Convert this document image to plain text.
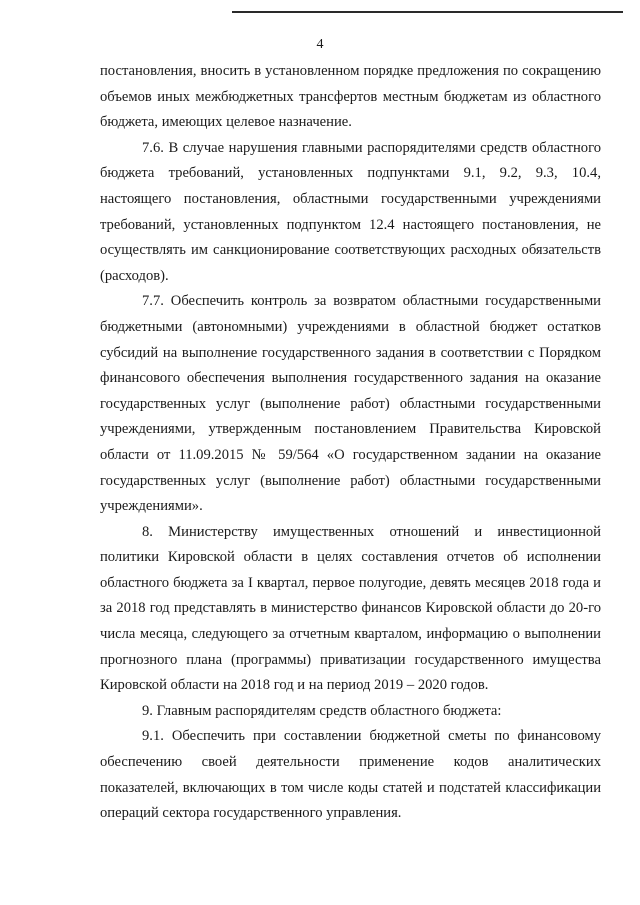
4

постановления, вносить в установленном порядке предложения по сокращению объемов иных межбюджетных трансфертов местным бюджетам из областного бюджета, имеющих целевое назначение.

7.6. В случае нарушения главными распорядителями средств областного бюджета требований, установленных подпунктами 9.1, 9.2, 9.3, 10.4, настоящего постановления, областными государственными учреждениями требований, установленных подпунктом 12.4 настоящего постановления, не осуществлять им санкционирование соответствующих расходных обязательств (расходов).

7.7. Обеспечить контроль за возвратом областными государственными бюджетными (автономными) учреждениями в областной бюджет остатков субсидий на выполнение государственного задания в соответствии с Порядком финансового обеспечения выполнения государственного задания на оказание государственных услуг (выполнение работ) областными государственными учреждениями, утвержденным постановлением Правительства Кировской области от 11.09.2015 № 59/564 «О государственном задании на оказание государственных услуг (выполнение работ) областными государственными учреждениями».

8. Министерству имущественных отношений и инвестиционной политики Кировской области в целях составления отчетов об исполнении областного бюджета за I квартал, первое полугодие, девять месяцев 2018 года и за 2018 год представлять в министерство финансов Кировской области до 20-го числа месяца, следующего за отчетным кварталом, информацию о выполнении прогнозного плана (программы) приватизации государственного имущества Кировской области на 2018 год и на период 2019 – 2020 годов.

9. Главным распорядителям средств областного бюджета:

9.1. Обеспечить при составлении бюджетной сметы по финансовому обеспечению своей деятельности применение кодов аналитических показателей, включающих в том числе коды статей и подстатей классификации операций сектора государственного управления.
